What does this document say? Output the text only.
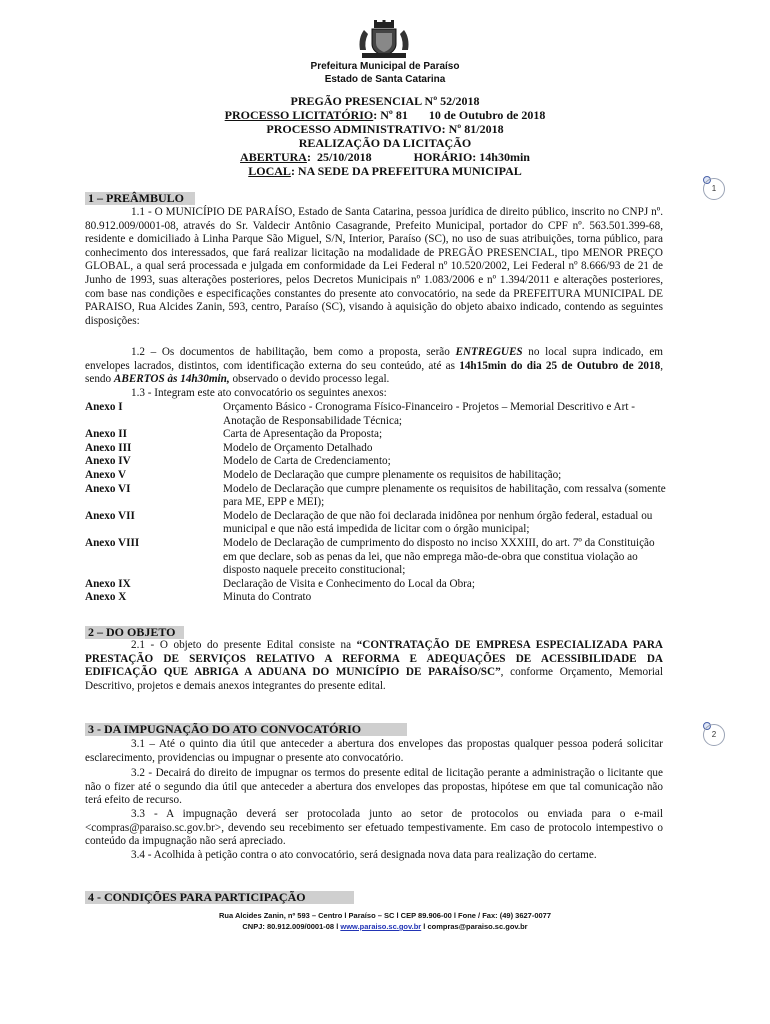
Prefeitura Municipal de Paraíso
Estado de Santa Catarina
PREGÃO PRESENCIAL Nº 52/2018
PROCESSO LICITATÓRIO: Nº 81       10 de Outubro de 2018
PROCESSO ADMINISTRATIVO: Nº 81/2018
REALIZAÇÃO DA LICITAÇÃO
ABERTURA:  25/10/2018              HORÁRIO: 14h30min
LOCAL: NA SEDE DA PREFEITURA MUNICIPAL
1
1 – PREÂMBULO

1.1 - O MUNICÍPIO DE PARAÍSO, Estado de Santa Catarina, pessoa jurídica de direito público, inscrito no CNPJ nº. 80.912.009/0001-08, através do Sr. Valdecir Antônio Casagrande, Prefeito Municipal, portador do CPF nº. 563.501.399-68, residente e domiciliado à Linha Parque São Miguel, S/N, Interior, Paraíso (SC), no uso de suas atribuições, torna público, para conhecimento dos interessados, que fará realizar licitação na modalidade de PREGÃO PRESENCIAL, tipo MENOR PREÇO GLOBAL, a qual será processada e julgada em conformidade da Lei Federal nº 10.520/2002, Lei Federal nº 8.666/93 de 21 de Junho de 1993, suas alterações posteriores, pelos Decretos Municipais nº 1.083/2006 e nº 1.394/2011 e alterações posteriores, com base nas condições e especificações constantes do presente ato convocatório, na sede da PREFEITURA MUNICIPAL DE PARAISO, Rua Alcides Zanin, 593, centro, Paraíso (SC), visando à aquisição do objeto abaixo indicado, contendo as seguintes disposições:

1.2 – Os documentos de habilitação, bem como a proposta, serão ENTREGUES no local supra indicado, em envelopes lacrados, distintos, com identificação externa do seu conteúdo, até as 14h15min do dia 25 de Outubro de 2018, sendo ABERTOS às 14h30min, observado o devido processo legal.

1.3 - Integram este ato convocatório os seguintes anexos:

Anexo I	Orçamento Básico - Cronograma Físico-Financeiro - Projetos – Memorial Descritivo e Art - Anotação de Responsabilidade Técnica;
Anexo II	Carta de Apresentação da Proposta;
Anexo III	Modelo de Orçamento Detalhado
Anexo IV	Modelo de Carta de Credenciamento;
Anexo V	Modelo de Declaração que cumpre plenamente os requisitos de habilitação;
Anexo VI	Modelo de Declaração que cumpre plenamente os requisitos de habilitação, com ressalva (somente para ME, EPP e MEI);
Anexo VII	Modelo de Declaração de que não foi declarada inidônea por nenhum órgão federal, estadual ou municipal e que não está impedida de licitar com o órgão municipal;
Anexo VIII	Modelo de Declaração de cumprimento do disposto no inciso XXXIII, do art. 7º da Constituição em que declare, sob as penas da lei, que não emprega mão-de-obra que constitua violação ao disposto naquele preceito constitucional;
Anexo IX	Declaração de Visita e Conhecimento do Local da Obra;
Anexo X	Minuta do Contrato
2 – DO OBJETO

2.1 - O objeto do presente Edital consiste na “CONTRATAÇÃO DE EMPRESA ESPECIALIZADA PARA PRESTAÇÃO DE SERVIÇOS RELATIVO A REFORMA E ADEQUAÇÕES DE ACESSIBILIDADE DA EDIFICAÇÃO QUE ABRIGA A ADUANA DO MUNICÍPIO DE PARAÍSO/SC”, conforme Orçamento, Memorial Descritivo, projetos e demais anexos integrantes do presente edital.

2
3 - DA IMPUGNAÇÃO DO ATO CONVOCATÓRIO

3.1 – Até o quinto dia útil que anteceder a abertura dos envelopes das propostas qualquer pessoa poderá solicitar esclarecimento, providencias ou impugnar o presente ato convocatório.

3.2 - Decairá do direito de impugnar os termos do presente edital de licitação perante a administração o licitante que não o fizer até o segundo dia útil que anteceder a abertura dos envelopes das propostas, hipótese em que tal comunicação não terá efeito de recurso.

3.3 - A impugnação deverá ser protocolada junto ao setor de protocolos ou enviada para o e-mail <compras@paraiso.sc.gov.br>, devendo seu recebimento ser efetuado tempestivamente. Em caso de protocolo intempestivo o conteúdo da impugnação não será apreciado.

3.4 - Acolhida à petição contra o ato convocatório, será designada nova data para realização do certame.

4 - CONDIÇÕES PARA PARTICIPAÇÃO
Rua Alcides Zanin, nº 593 – Centro l Paraíso – SC l CEP 89.906-00 l Fone / Fax: (49) 3627-0077
CNPJ: 80.912.009/0001-08 l www.paraiso.sc.gov.br l compras@paraiso.sc.gov.br
